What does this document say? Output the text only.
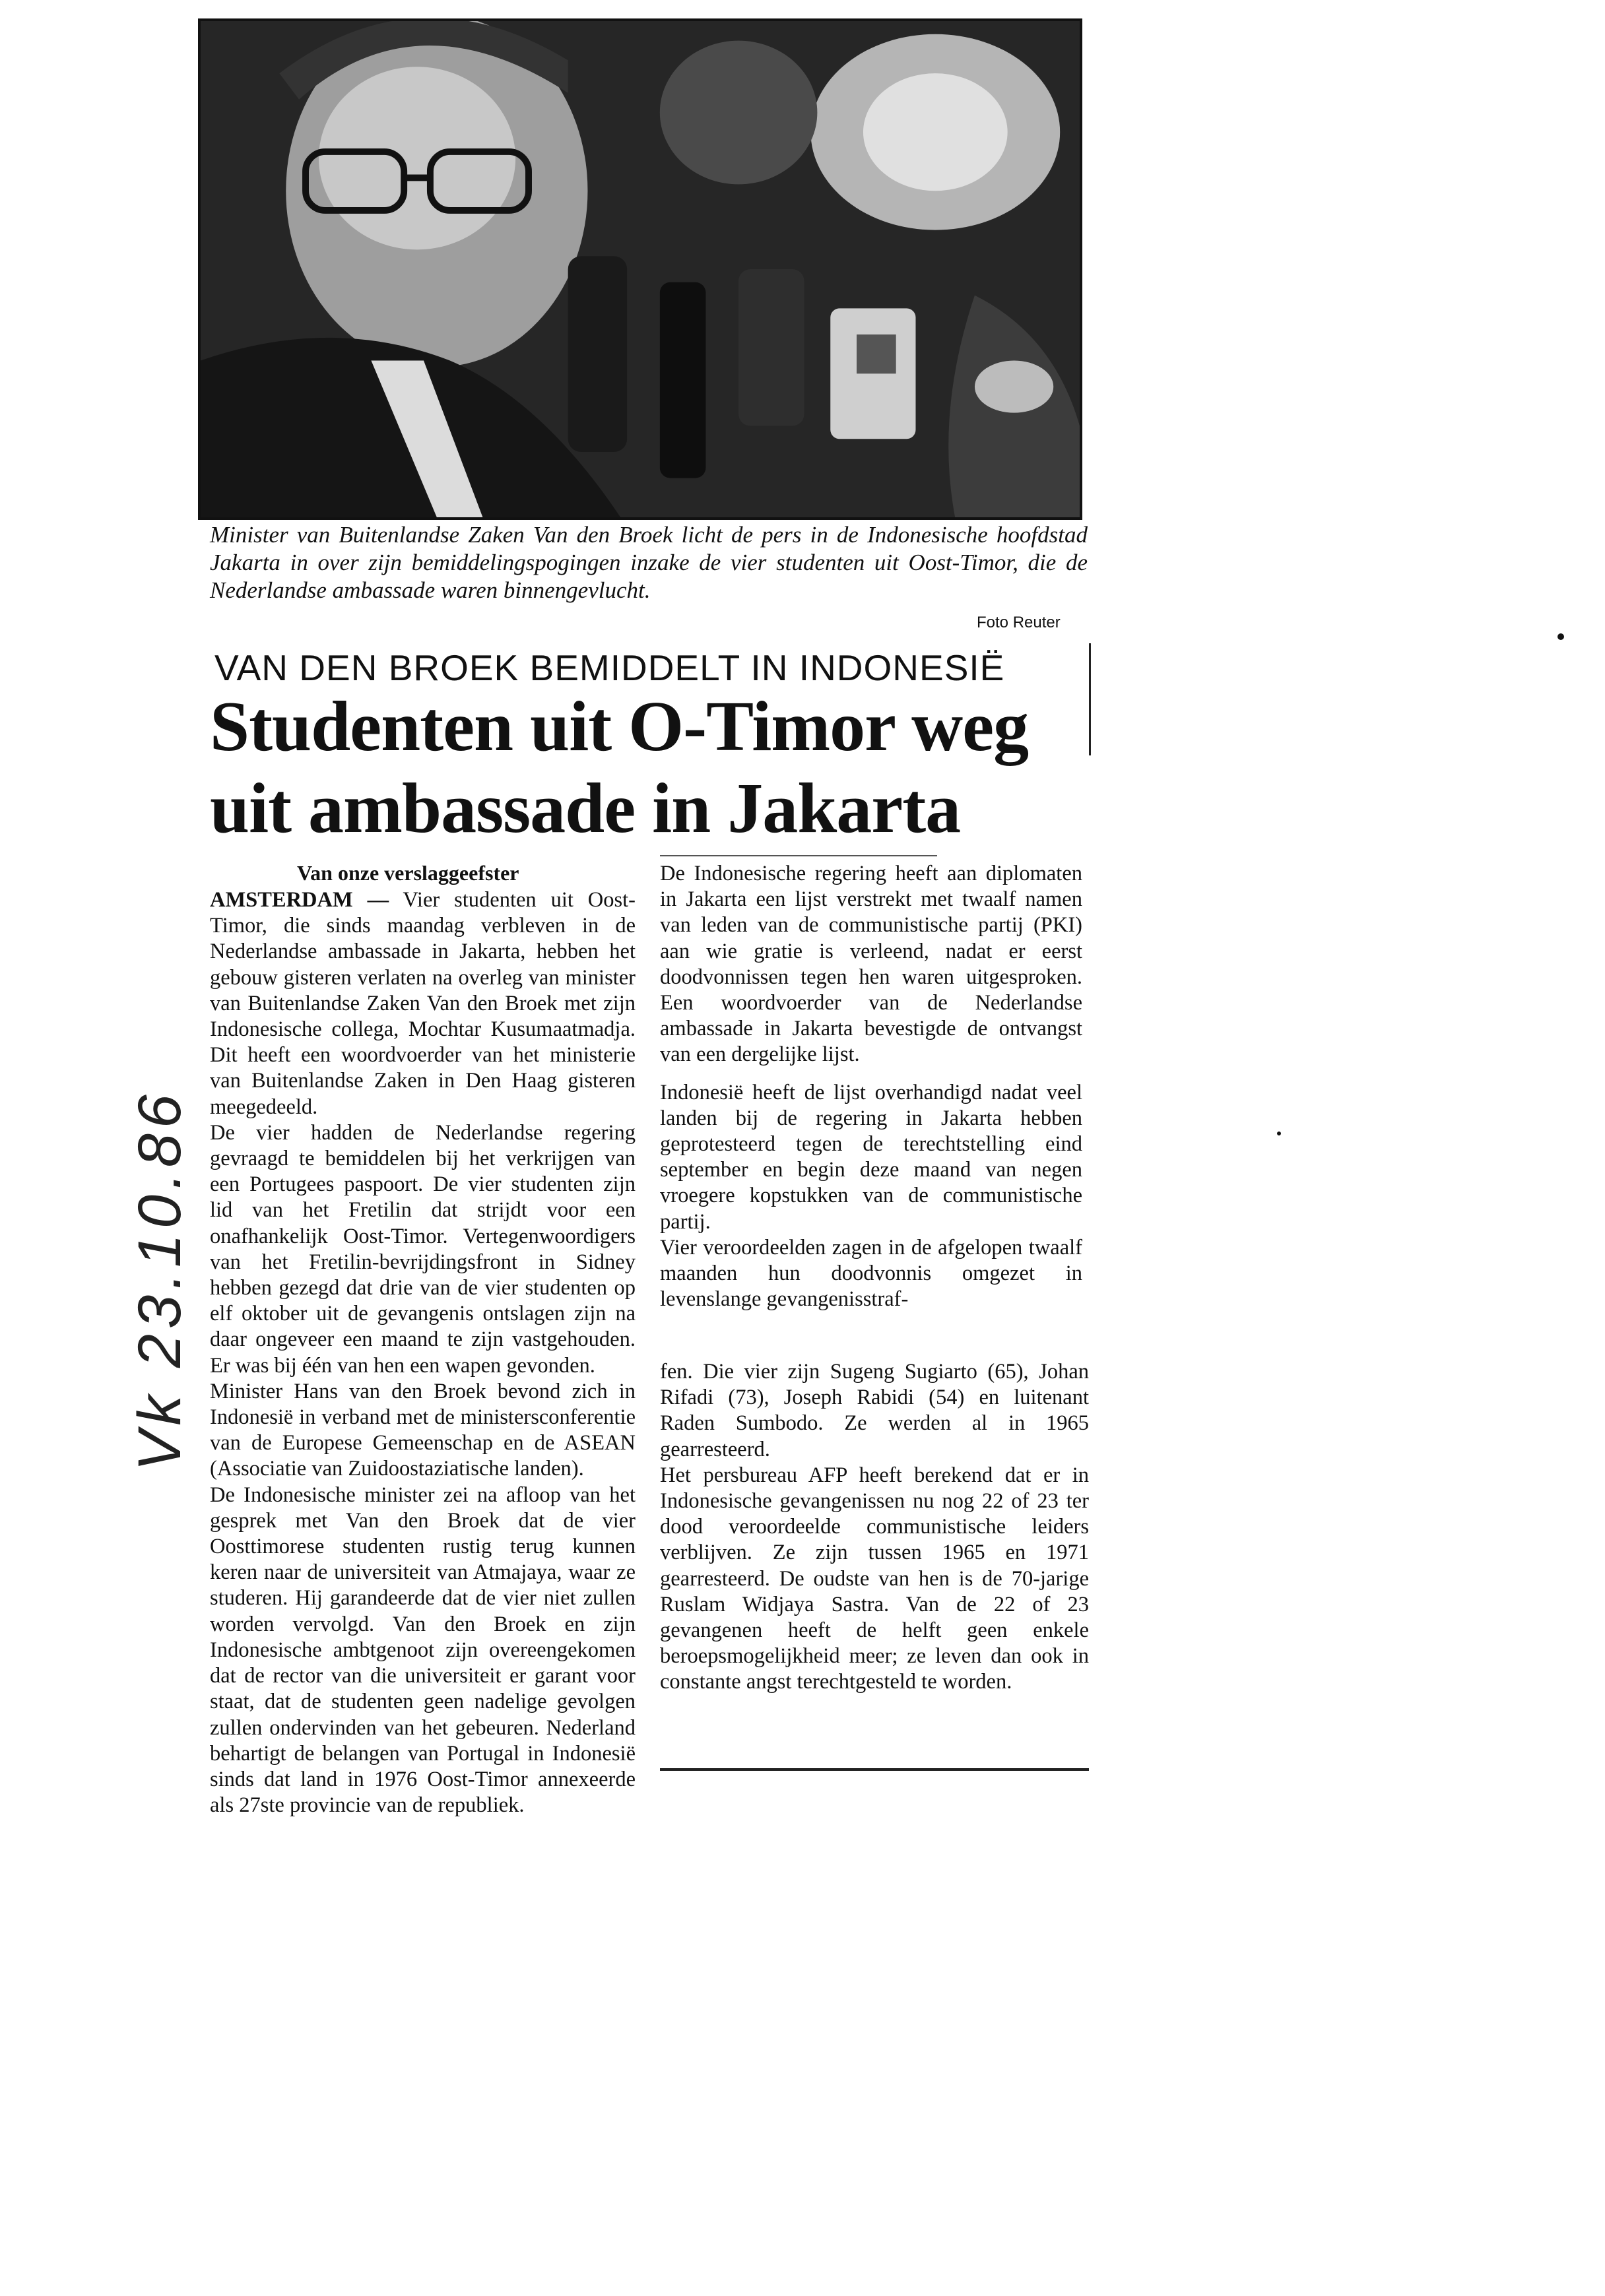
Minister van Buitenlandse Zaken Van den Broek licht de pers in de Indonesische hoofdstad Jakarta in over zijn bemiddelingspogingen inzake de vier studenten uit Oost-Timor, die de Nederlandse ambassade waren binnengevlucht.
Foto Reuter
VAN DEN BROEK BEMIDDELT IN INDONESIË
Studenten uit O-Timor weg
uit ambassade in Jakarta
Van onze verslaggeefster

AMSTERDAM — Vier studenten uit Oost-Timor, die sinds maandag verbleven in de Nederlandse ambassade in Jakarta, hebben het gebouw gisteren verlaten na overleg van minister van Buitenlandse Zaken Van den Broek met zijn Indonesische collega, Mochtar Kusumaatmadja. Dit heeft een woordvoerder van het ministerie van Buitenlandse Zaken in Den Haag gisteren meegedeeld.

De vier hadden de Nederlandse regering gevraagd te bemiddelen bij het verkrijgen van een Portugees paspoort. De vier studenten zijn lid van het Fretilin dat strijdt voor een onafhankelijk Oost-Timor. Vertegenwoordigers van het Fretilin-bevrijdingsfront in Sidney hebben gezegd dat drie van de vier studenten op elf oktober uit de gevangenis ontslagen zijn na daar ongeveer een maand te zijn vastgehouden. Er was bij één van hen een wapen gevonden.

Minister Hans van den Broek bevond zich in Indonesië in verband met de ministersconferentie van de Europese Gemeenschap en de ASEAN (Associatie van Zuidoostaziatische landen).

De Indonesische minister zei na afloop van het gesprek met Van den Broek dat de vier Oosttimorese studenten rustig terug kunnen keren naar de universiteit van Atmajaya, waar ze studeren. Hij garandeerde dat de vier niet zullen worden vervolgd. Van den Broek en zijn Indonesische ambtgenoot zijn overeengekomen dat de rector van die universiteit er garant voor staat, dat de studenten geen nadelige gevolgen zullen ondervinden van het gebeuren. Nederland behartigt de belangen van Portugal in Indonesië sinds dat land in 1976 Oost-Timor annexeerde als 27ste provincie van de republiek.

De Indonesische regering heeft aan diplomaten in Jakarta een lijst verstrekt met twaalf namen van leden van de communistische partij (PKI) aan wie gratie is verleend, nadat er eerst doodvonnissen tegen hen waren uitgesproken. Een woordvoerder van de Nederlandse ambassade in Jakarta bevestigde de ontvangst van een dergelijke lijst.

Indonesië heeft de lijst overhandigd nadat veel landen bij de regering in Jakarta hebben geprotesteerd tegen de terechtstelling eind september en begin deze maand van negen vroegere kopstukken van de communistische partij.

Vier veroordeelden zagen in de afgelopen twaalf maanden hun doodvonnis omgezet in levenslange gevangenisstraf-

fen. Die vier zijn Sugeng Sugiarto (65), Johan Rifadi (73), Joseph Rabidi (54) en luitenant Raden Sumbodo. Ze werden al in 1965 gearresteerd.

Het persbureau AFP heeft berekend dat er in Indonesische gevangenissen nu nog 22 of 23 ter dood veroordeelde communistische leiders verblijven. Ze zijn tussen 1965 en 1971 gearresteerd. De oudste van hen is de 70-jarige Ruslam Widjaya Sastra. Van de 22 of 23 gevangenen heeft de helft geen enkele beroepsmogelijkheid meer; ze leven dan ook in constante angst terechtgesteld te worden.

Vk 23.10.86
